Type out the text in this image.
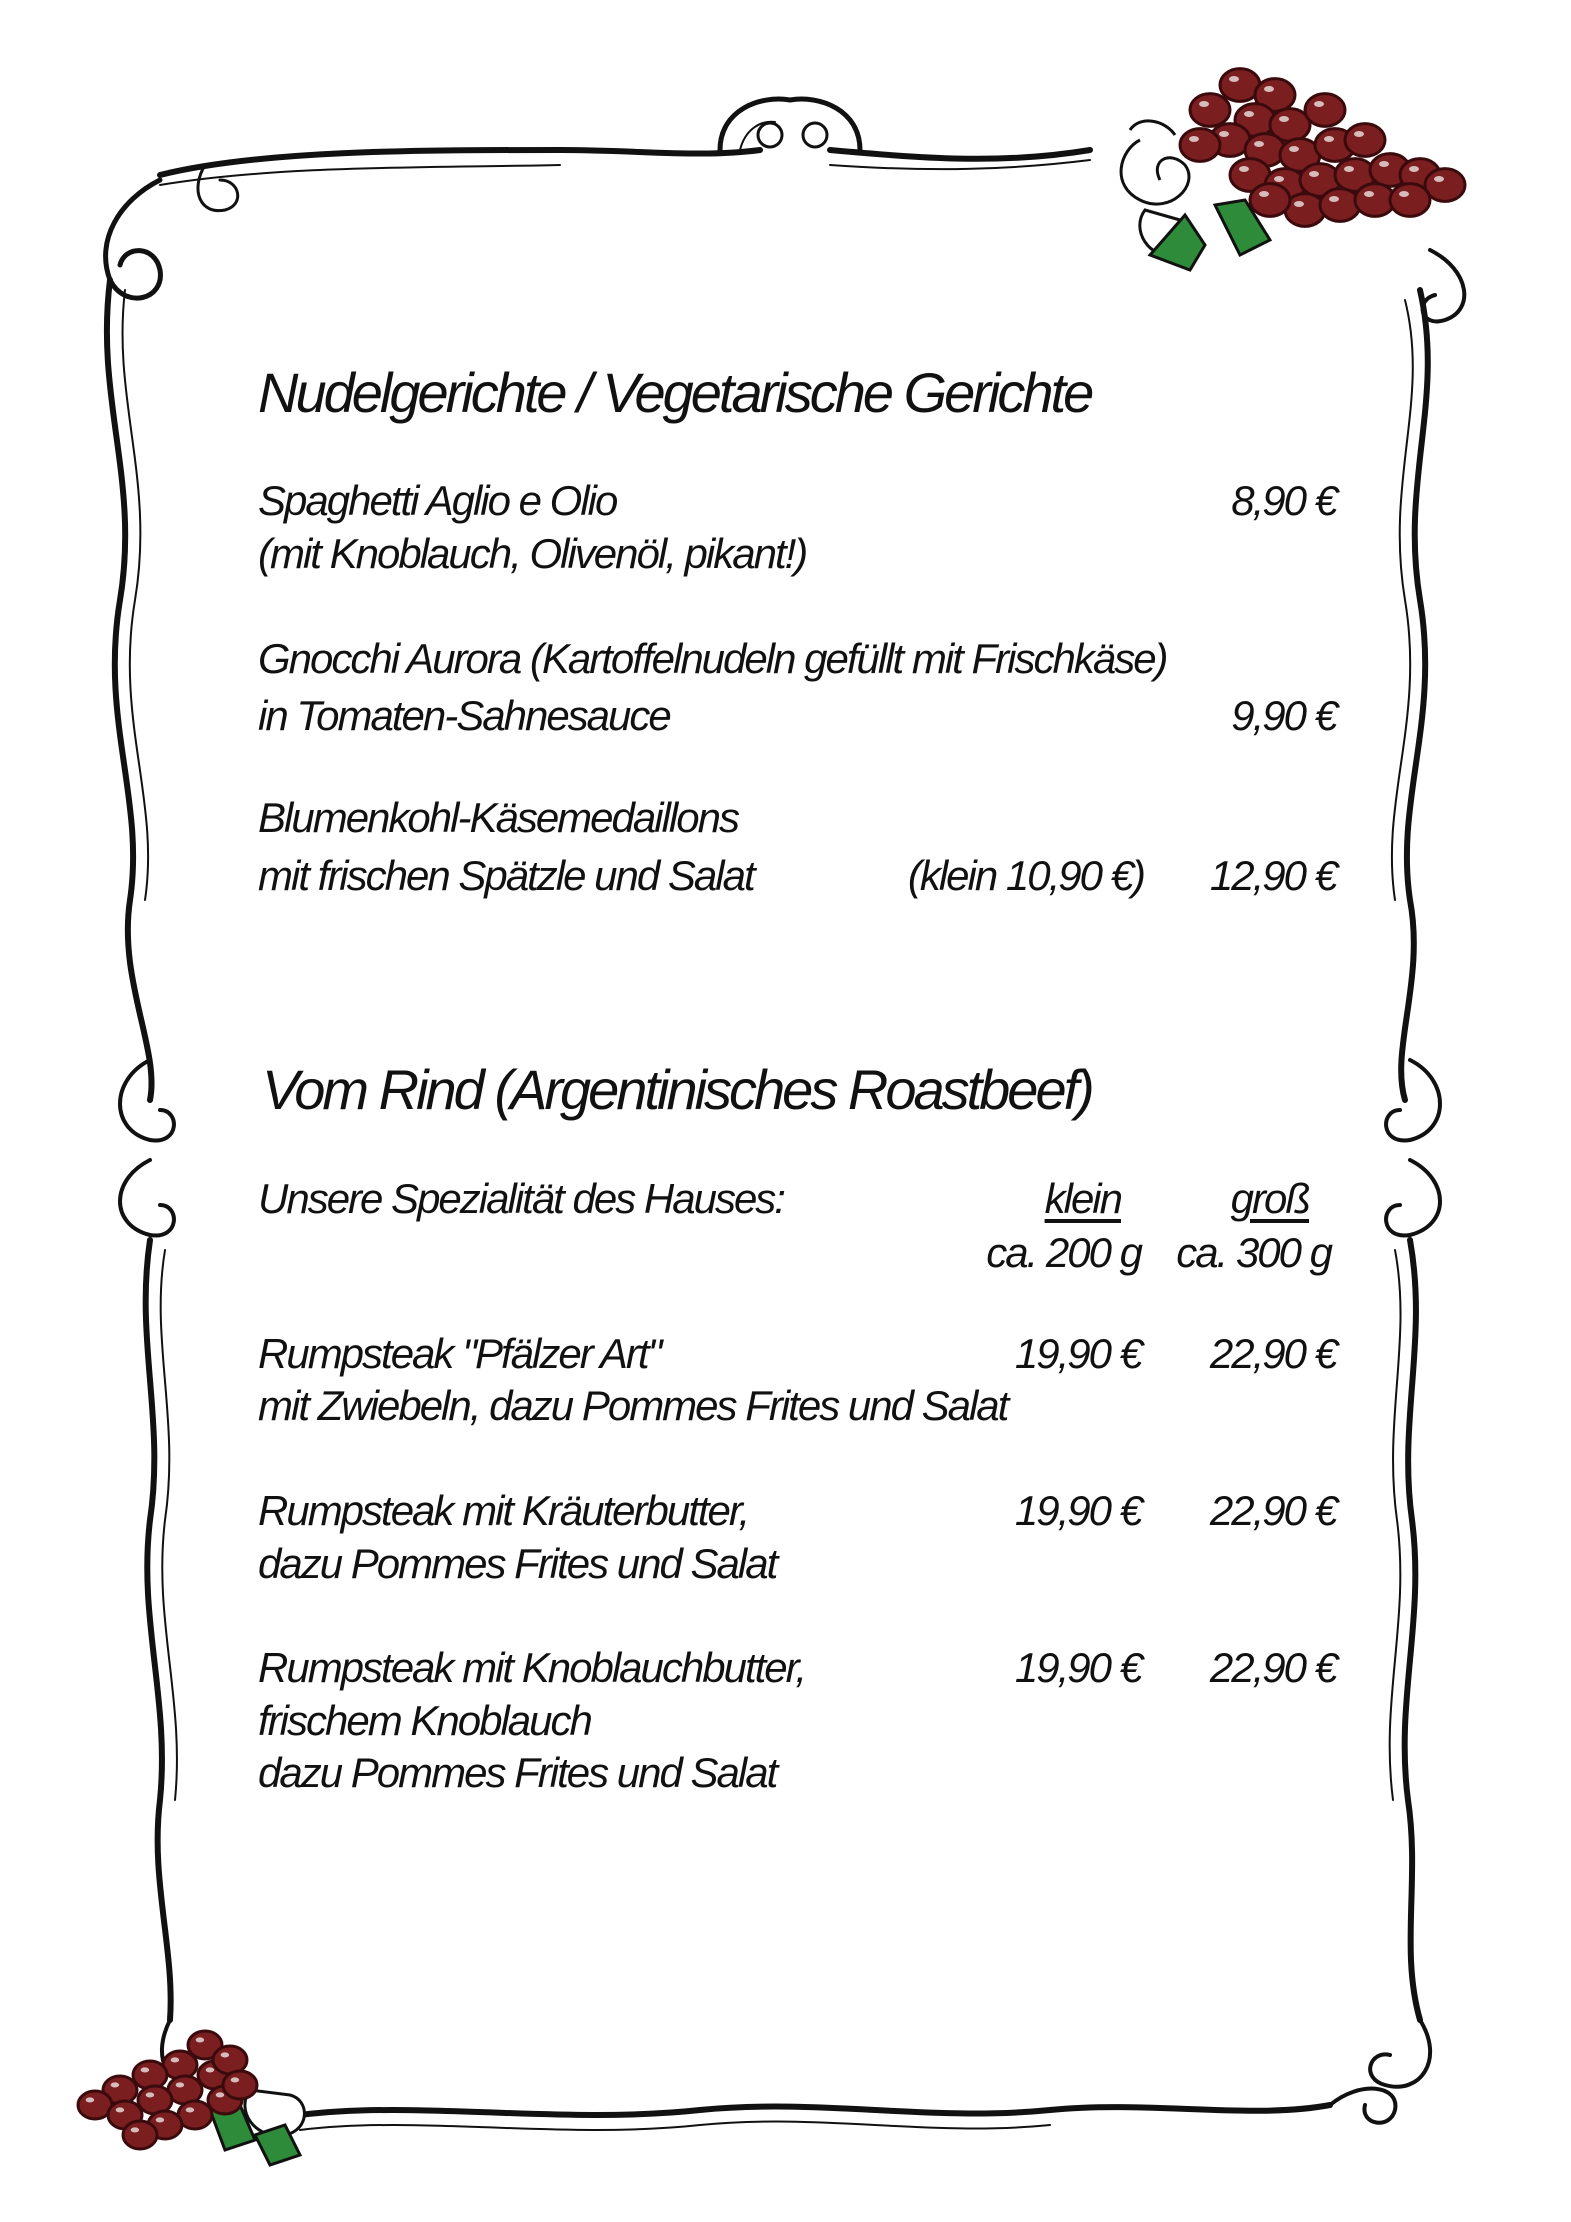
Nudelgerichte / Vegetarische Gerichte
Spaghetti Aglio e Olio	8,90 €
(mit Knoblauch, Olivenöl, pikant!)
Gnocchi Aurora (Kartoffelnudeln gefüllt mit Frischkäse)
in Tomaten-Sahnesauce	9,90 €
Blumenkohl-Käsemedaillons
mit frischen Spätzle und Salat	(klein 10,90 €) 12,90 €
Vom Rind (Argentinisches Roastbeef)
Unsere Spezialität des Hauses:	klein	groß
ca. 200 g ca. 300 g
Rumpsteak "Pfälzer Art"	19,90 € 22,90 €
mit Zwiebeln, dazu Pommes Frites und Salat
Rumpsteak mit Kräuterbutter,	19,90 € 22,90 €
dazu Pommes Frites und Salat
Rumpsteak mit Knoblauchbutter,	19,90 € 22,90 €
frischem Knoblauch
dazu Pommes Frites und Salat
